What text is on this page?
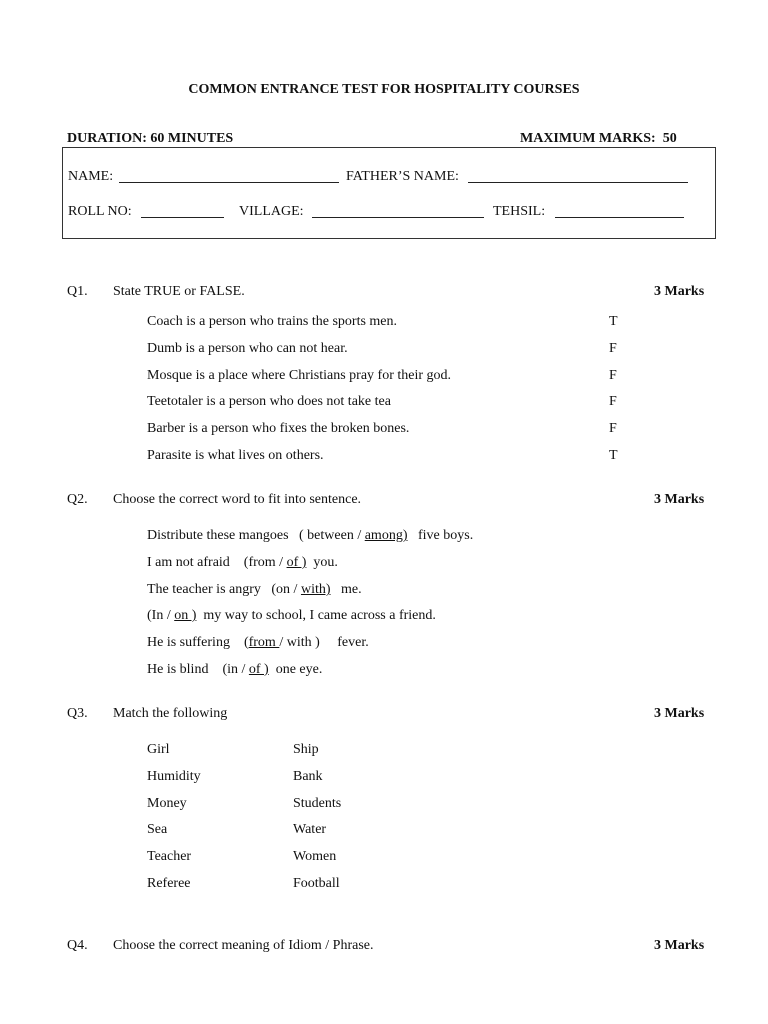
COMMON ENTRANCE TEST FOR HOSPITALITY COURSES
DURATION: 60 MINUTES	MAXIMUM MARKS:  50
NAME:	FATHER’S NAME:
ROLL NO:	VILLAGE:	TEHSIL:
Q1. State TRUE or FALSE.	3 Marks
Coach is a person who trains the sports men.	T
Dumb is a person who can not hear.	F
Mosque is a place where Christians pray for their god.	F
Teetotaler is a person who does not take tea	F
Barber is a person who fixes the broken bones.	F
Parasite is what lives on others.	T
Q2. Choose the correct word to fit into sentence.	3 Marks
Distribute these mangoes   ( between / among)   five boys.
I am not afraid    (from / of )  you.
The teacher is angry   (on / with)   me.
(In / on )  my way to school, I came across a friend.
He is suffering    (from / with )     fever.
He is blind    (in / of )  one eye.
Q3. Match the following	3 Marks
Girl	Ship
Humidity	Bank
Money	Students
Sea	Water
Teacher	Women
Referee	Football
Q4. Choose the correct meaning of Idiom / Phrase.	3 Marks
